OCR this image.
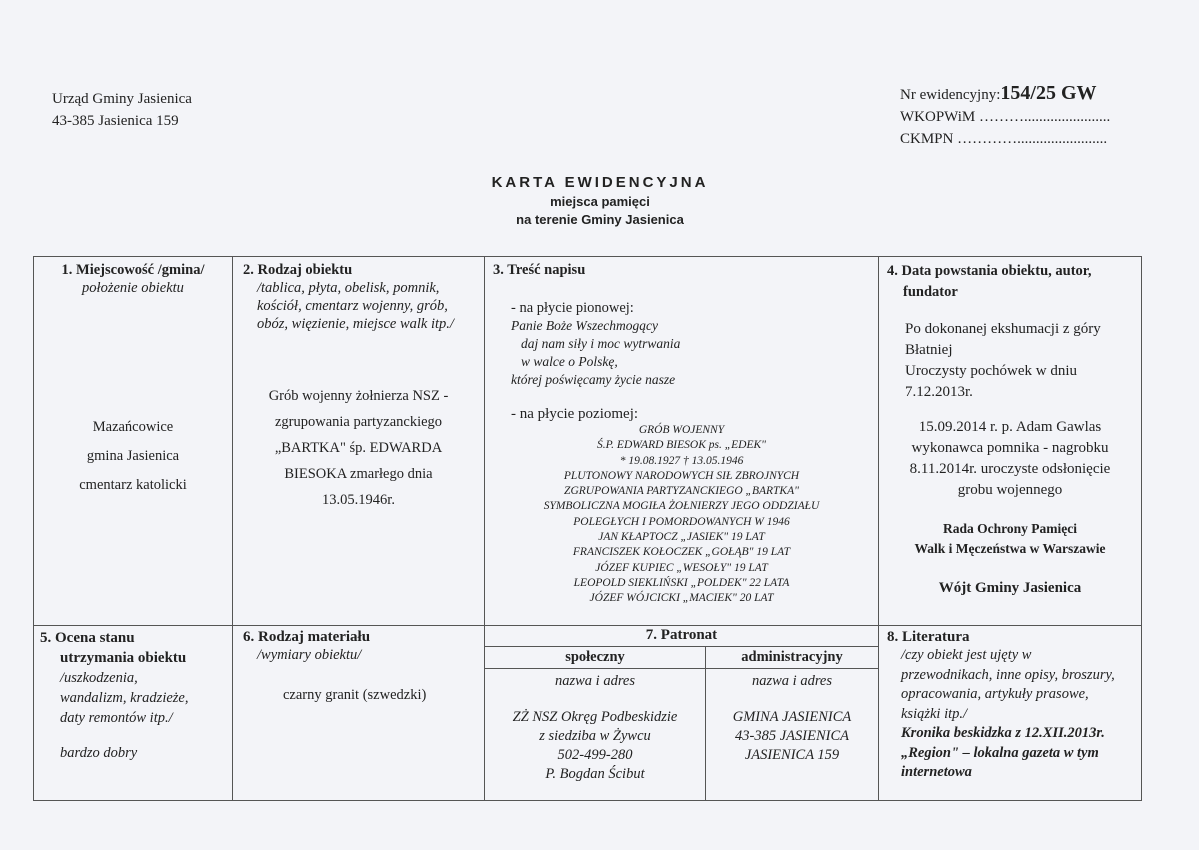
Urząd Gminy Jasienica
43-385 Jasienica 159
Nr ewidencyjny:154/25 GW
WKOPWiM ……….......................
CKMPN …………........................
KARTA EWIDENCYJNA
miejsca pamięci
na terenie Gminy Jasienica
1. Miejscowość /gmina/
położenie obiektu
Mazańcowice
gmina Jasienica
cmentarz katolicki
2. Rodzaj obiektu
/tablica, płyta, obelisk, pomnik,
kościół, cmentarz wojenny, grób,
obóz, więzienie, miejsce walk itp./
Grób wojenny żołnierza NSZ -
zgrupowania partyzanckiego
„BARTKA" śp. EDWARDA
BIESOKA zmarłego dnia
13.05.1946r.
3. Treść napisu
- na płycie pionowej:
Panie Boże Wszechmogący
daj nam siły i moc wytrwania
w walce o Polskę,
której poświęcamy życie nasze
- na płycie poziomej:
GRÓB WOJENNY
Ś.P. EDWARD BIESOK ps. „EDEK"
* 19.08.1927 † 13.05.1946
PLUTONOWY NARODOWYCH SIŁ ZBROJNYCH
ZGRUPOWANIA PARTYZANCKIEGO „BARTKA"
SYMBOLICZNA MOGIŁA ŻOŁNIERZY JEGO ODDZIAŁU
POLEGŁYCH I POMORDOWANYCH W 1946
JAN KŁAPTOCZ „JASIEK" 19 LAT
FRANCISZEK KOŁOCZEK „GOŁĄB" 19 LAT
JÓZEF KUPIEC „WESOŁY" 19 LAT
LEOPOLD SIEKLIŃSKI „POLDEK" 22 LATA
JÓZEF WÓJCICKI „MACIEK" 20 LAT
4. Data powstania obiektu, autor,
fundator
Po dokonanej ekshumacji z góry
Błatniej
Uroczysty pochówek w dniu
7.12.2013r.
15.09.2014 r. p. Adam Gawlas
wykonawca pomnika - nagrobku
8.11.2014r. uroczyste odsłonięcie
grobu wojennego
Rada Ochrony Pamięci
Walk i Męczeństwa w Warszawie
Wójt Gminy Jasienica
5. Ocena stanu
utrzymania obiektu
/uszkodzenia,
wandalizm, kradzieże,
daty remontów itp./
bardzo dobry
6. Rodzaj materiału
/wymiary obiektu/
czarny granit (szwedzki)
7. Patronat
społeczny
nazwa i adres
ZŻ NSZ Okręg Podbeskidzie
z siedziba w Żywcu
502-499-280
P. Bogdan Ścibut
administracyjny
nazwa i adres
GMINA JASIENICA
43-385 JASIENICA
JASIENICA 159
8. Literatura
/czy obiekt jest ujęty w
przewodnikach, inne opisy, broszury,
opracowania, artykuły prasowe,
książki itp./
Kronika beskidzka z 12.XII.2013r.
„Region" – lokalna gazeta w tym
internetowa
